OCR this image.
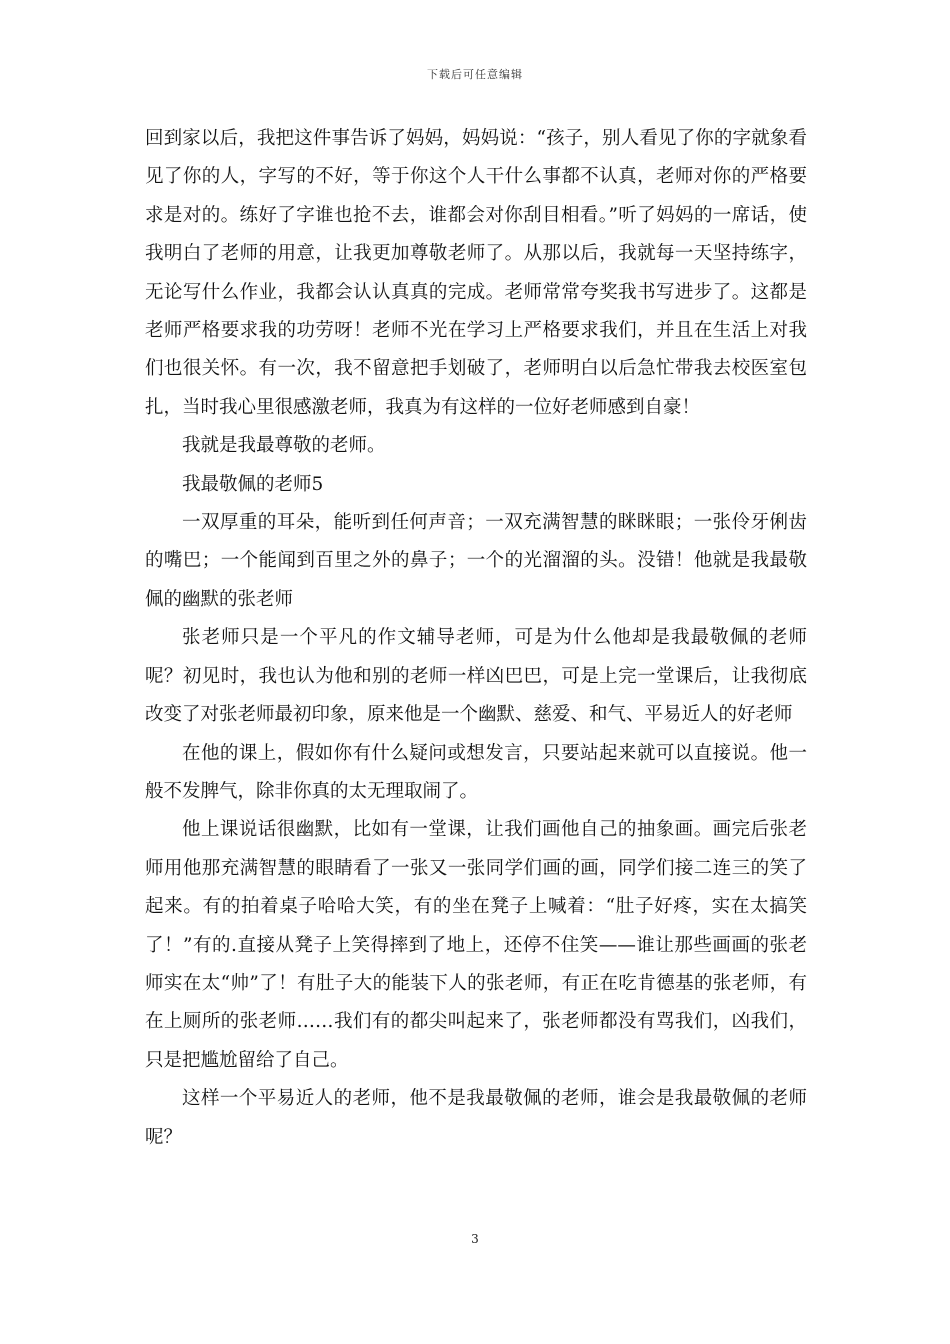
下载后可任意编辑

回到家以后，我把这件事告诉了妈妈，妈妈说：“孩子，别人看见了你的字就象看见了你的人，字写的不好，等于你这个人干什么事都不认真，老师对你的严格要求是对的。练好了字谁也抢不去，谁都会对你刮目相看。”听了妈妈的一席话，使我明白了老师的用意，让我更加尊敬老师了。从那以后，我就每一天坚持练字，无论写什么作业，我都会认认真真的完成。老师常常夸奖我书写进步了。这都是老师严格要求我的功劳呀！老师不光在学习上严格要求我们，并且在生活上对我们也很关怀。有一次，我不留意把手划破了，老师明白以后急忙带我去校医室包扎，当时我心里很感激老师，我真为有这样的一位好老师感到自豪！

我就是我最尊敬的老师。

我最敬佩的老师5

一双厚重的耳朵，能听到任何声音；一双充满智慧的眯眯眼；一张伶牙俐齿的嘴巴；一个能闻到百里之外的鼻子；一个的光溜溜的头。没错！他就是我最敬佩的幽默的张老师

张老师只是一个平凡的作文辅导老师，可是为什么他却是我最敬佩的老师呢？初见时，我也认为他和别的老师一样凶巴巴，可是上完一堂课后，让我彻底改变了对张老师最初印象，原来他是一个幽默、慈爱、和气、平易近人的好老师

在他的课上，假如你有什么疑问或想发言，只要站起来就可以直接说。他一般不发脾气，除非你真的太无理取闹了。

他上课说话很幽默，比如有一堂课，让我们画他自己的抽象画。画完后张老师用他那充满智慧的眼睛看了一张又一张同学们画的画，同学们接二连三的笑了起来。有的拍着桌子哈哈大笑，有的坐在凳子上喊着：“肚子好疼，实在太搞笑了！”有的.直接从凳子上笑得摔到了地上，还停不住笑——谁让那些画画的张老师实在太“帅”了！有肚子大的能装下人的张老师，有正在吃肯德基的张老师，有在上厕所的张老师……我们有的都尖叫起来了，张老师都没有骂我们，凶我们，只是把尴尬留给了自己。

这样一个平易近人的老师，他不是我最敬佩的老师，谁会是我最敬佩的老师呢？

3
